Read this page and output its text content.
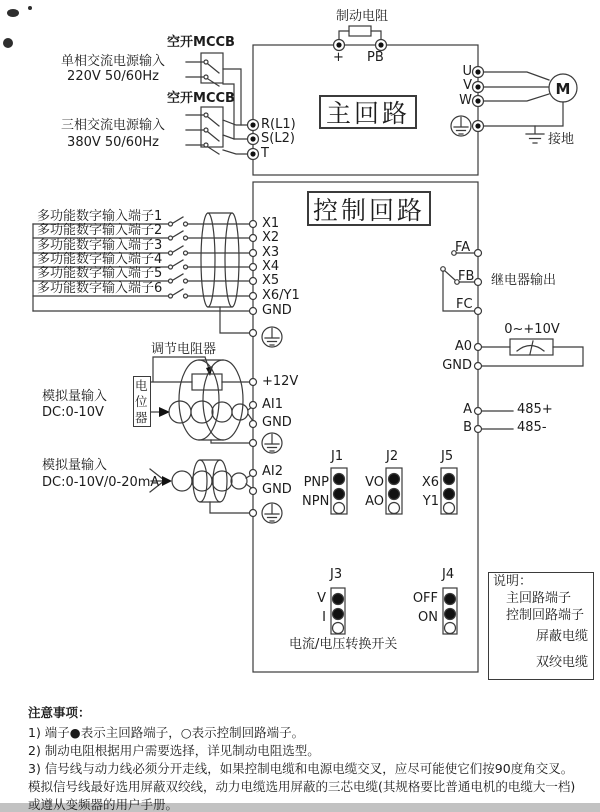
空开MCCB
单相交流电源输入
220V 50/60Hz
空开MCCB
三相交流电源输入
380V 50/60Hz
制动电阻
+ PB
主回路
R(L1)
S(L2)
T
U
V
W
M
接地
控制回路
多功能数字输入端子1
多功能数字输入端子2
多功能数字输入端子3
多功能数字输入端子4
多功能数字输入端子5
多功能数字输入端子6
X1
X2
X3
X4
X5
X6/Y1
GND
调节电阻器
电位器
模拟量输入
DC:0-10V
+12V
AI1
GND
模拟量输入
DC:0-10V/0-20mA
AI2
GND
FA
FB
FC
继电器输出
0~+10V
A0
GND
A
B
485+
485-
J1	J2	J5
PNP
NPN
VO
AO
X6
Y1
J3	J4
V
I
OFF
ON
电流/电压转换开关
说明：
主回路端子
控制回路端子
屏蔽电缆
双绞电缆
注意事项：
1) 端子●表示主回路端子，○表示控制回路端子。
2) 制动电阻根据用户需要选择，详见制动电阻选型。
3) 信号线与动力线必须分开走线，如果控制电缆和电源电缆交叉，应尽可能使它们按90度角交叉。模拟信号线最好选用屏蔽双绞线，动力电缆选用屏蔽的三芯电缆(其规格要比普通电机的电缆大一档)或遵从变频器的用户手册。
